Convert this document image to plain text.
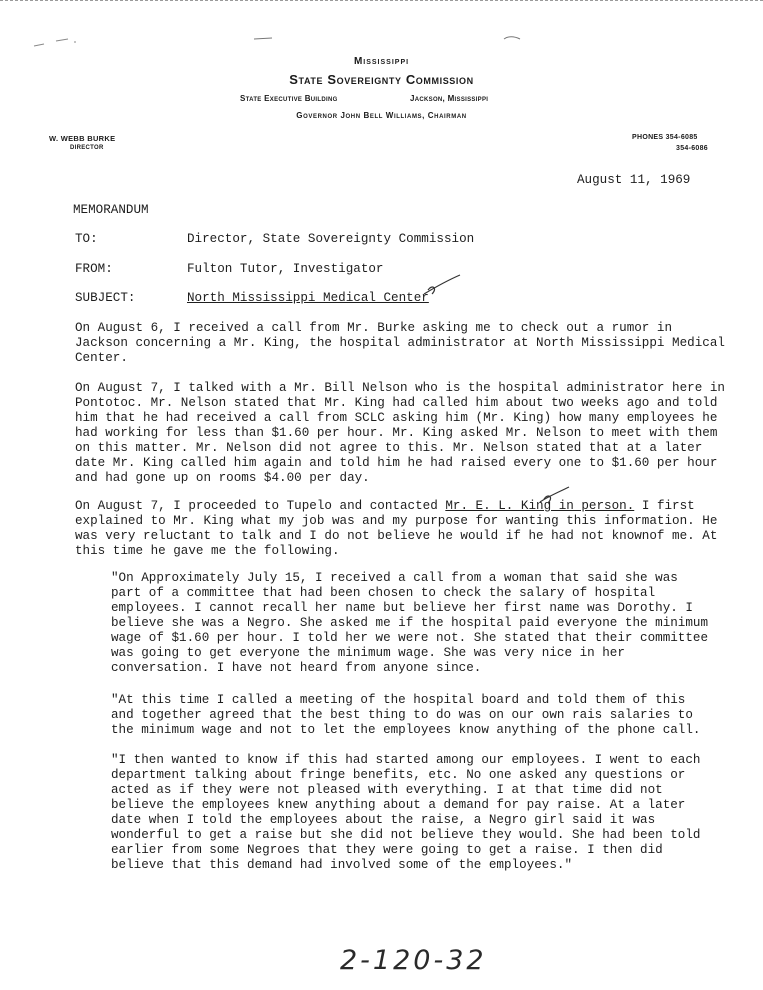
Mississippi
State Sovereignty Commission
State Executive Building	Jackson, Mississippi
Governor John Bell Williams, Chairman
W. WEBB BURKE
DIRECTOR
PHONES 354-6085
354-6086
August 11, 1969
MEMORANDUM
TO:	Director, State Sovereignty Commission
FROM:	Fulton Tutor, Investigator
SUBJECT:	North Mississippi Medical Center
On August 6, I received a call from Mr. Burke asking me to check out a rumor in Jackson concerning a Mr. King, the hospital administrator at North Mississippi Medical Center.
On August 7, I talked with a Mr. Bill Nelson who is the hospital administrator here in Pontotoc. Mr. Nelson stated that Mr. King had called him about two weeks ago and told him that he had received a call from SCLC asking him (Mr. King) how many employees he had working for less than $1.60 per hour. Mr. King asked Mr. Nelson to meet with them on this matter. Mr. Nelson did not agree to this. Mr. Nelson stated that at a later date Mr. King called him again and told him he had raised every one to $1.60 per hour and had gone up on rooms $4.00 per day.
On August 7, I proceeded to Tupelo and contacted Mr. E. L. King in person. I first explained to Mr. King what my job was and my purpose for wanting this information. He was very reluctant to talk and I do not believe he would if he had not knownof me. At this time he gave me the following.
"On Approximately July 15, I received a call from a woman that said she was part of a committee that had been chosen to check the salary of hospital employees. I cannot recall her name but believe her first name was Dorothy. I believe she was a Negro. She asked me if the hospital paid everyone the minimum wage of $1.60 per hour. I told her we were not. She stated that their committee was going to get everyone the minimum wage. She was very nice in her conversation. I have not heard from anyone since.
"At this time I called a meeting of the hospital board and told them of this and together agreed that the best thing to do was on our own rais salaries to the minimum wage and not to let the employees know anything of the phone call.
"I then wanted to know if this had started among our employees. I went to each department talking about fringe benefits, etc. No one asked any questions or acted as if they were not pleased with everything. I at that time did not believe the employees knew anything about a demand for pay raise. At a later date when I told the employees about the raise, a Negro girl said it was wonderful to get a raise but she did not believe they would. She had been told earlier from some Negroes that they were going to get a raise. I then did believe that this demand had involved some of the employees."
2-120-32
